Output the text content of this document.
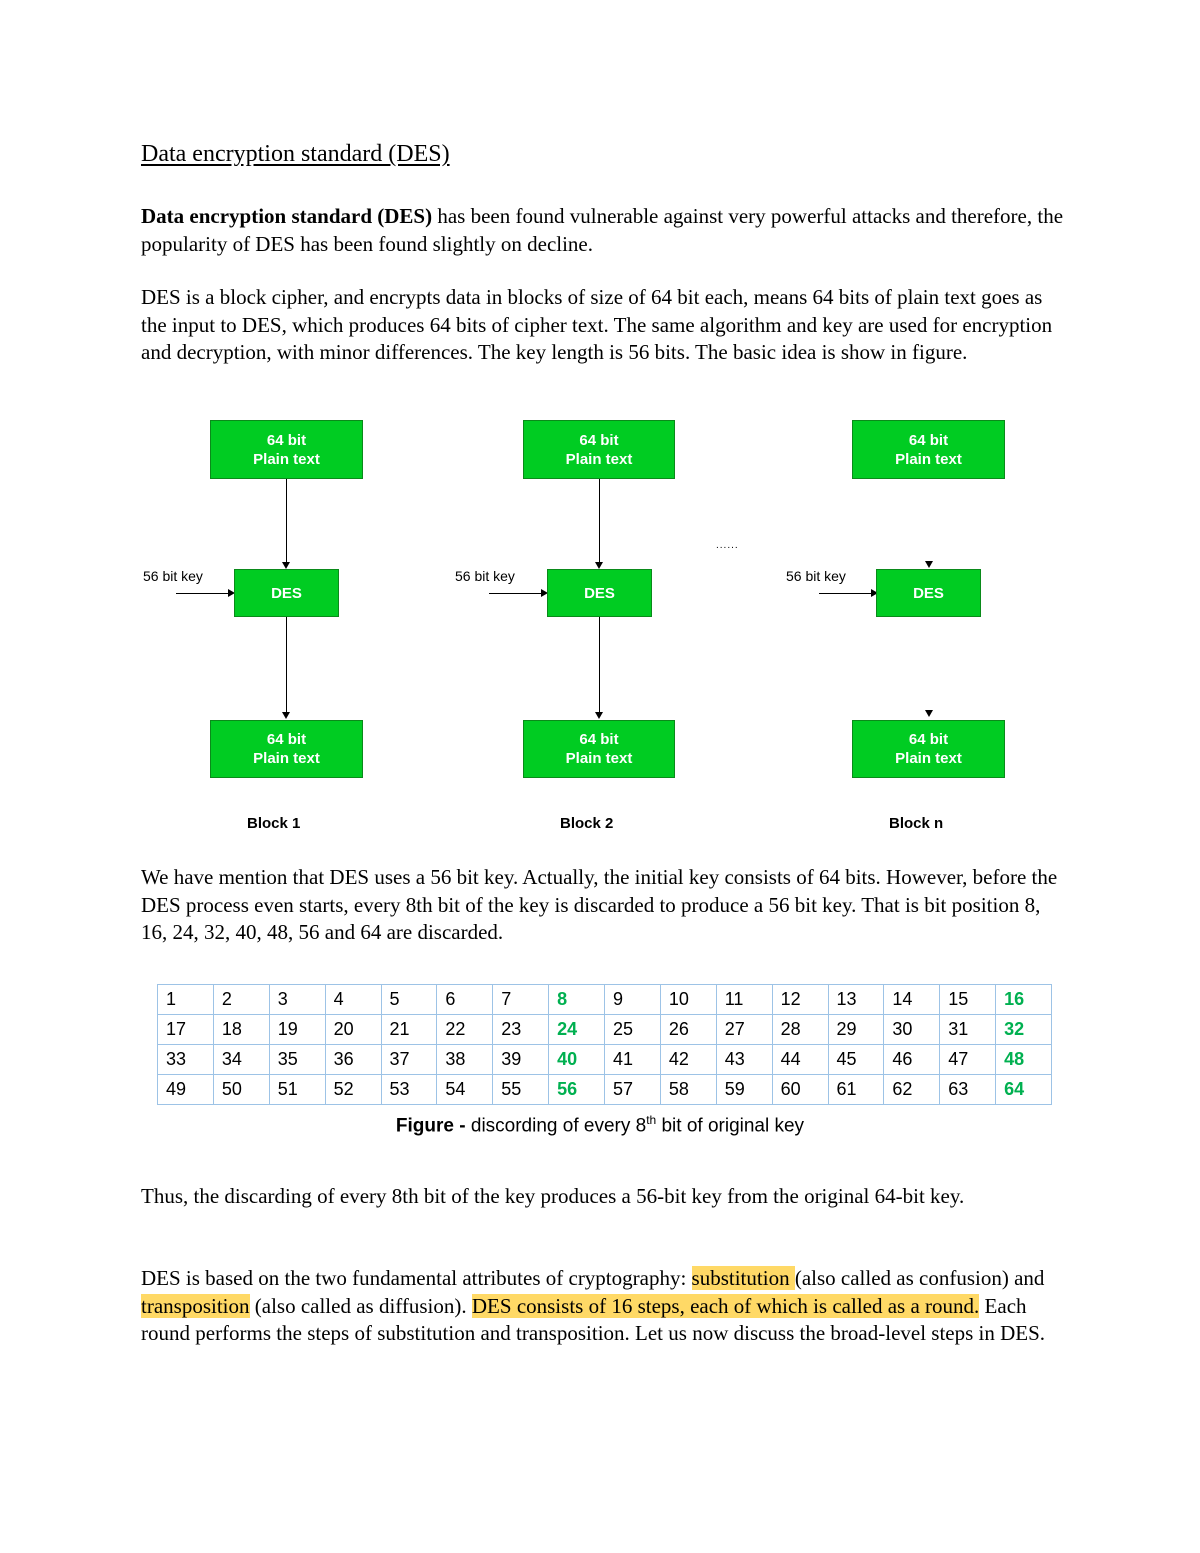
Data encryption standard (DES)
Data encryption standard (DES) has been found vulnerable against very powerful attacks and therefore, the popularity of DES has been found slightly on decline.
DES is a block cipher, and encrypts data in blocks of size of 64 bit each, means 64 bits of plain text goes as the input to DES, which produces 64 bits of cipher text. The same algorithm and key are used for encryption and decryption, with minor differences. The key length is 56 bits. The basic idea is show in figure.
64 bit
Plain text
56 bit key
DES
64 bit
Plain text
Block 1
64 bit
Plain text
56 bit key
DES
64 bit
Plain text
Block 2
......
64 bit
Plain text
56 bit key
DES
64 bit
Plain text
Block n
We have mention that DES uses a 56 bit key. Actually, the initial key consists of 64 bits. However, before the DES process even starts, every 8th bit of the key is discarded to produce a 56 bit key. That is bit position 8, 16, 24, 32, 40, 48, 56 and 64 are discarded.
1	2	3	4	5	6	7	8	9	10	11	12	13	14	15	16
17	18	19	20	21	22	23	24	25	26	27	28	29	30	31	32
33	34	35	36	37	38	39	40	41	42	43	44	45	46	47	48
49	50	51	52	53	54	55	56	57	58	59	60	61	62	63	64
Figure - discording of every 8th bit of original key
Thus, the discarding of every 8th bit of the key produces a 56-bit key from the original 64-bit key.
DES is based on the two fundamental attributes of cryptography: substitution (also called as confusion) and transposition (also called as diffusion). DES consists of 16 steps, each of which is called as a round. Each round performs the steps of substitution and transposition. Let us now discuss the broad-level steps in DES.
